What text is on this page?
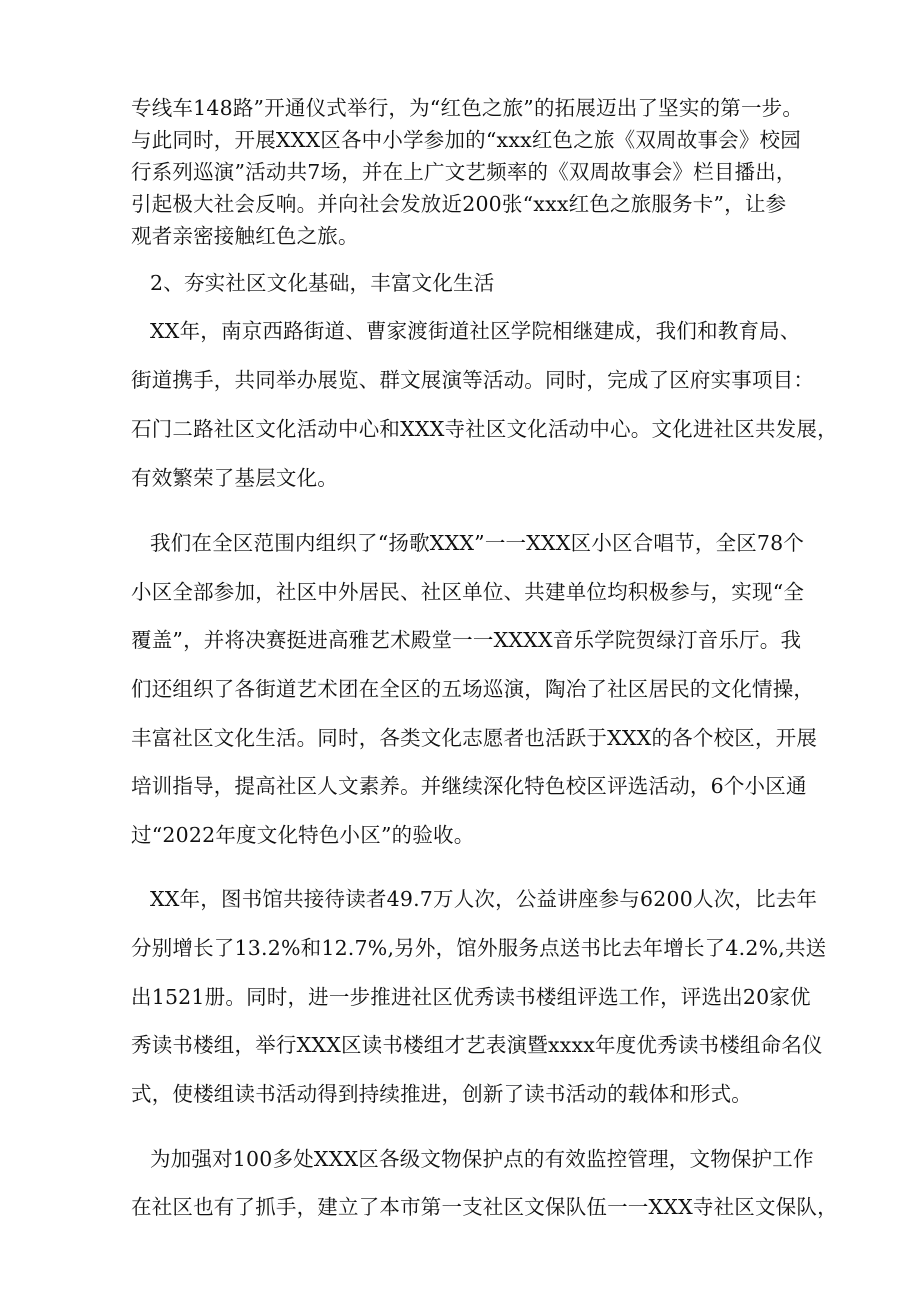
专线车148路”开通仪式举行，为“红色之旅”的拓展迈出了坚实的第一步。
与此同时，开展XXX区各中小学参加的“xxx红色之旅《双周故事会》校园
行系列巡演”活动共7场，并在上广文艺频率的《双周故事会》栏目播出，
引起极大社会反响。并向社会发放近200张“xxx红色之旅服务卡”，让参
观者亲密接触红色之旅。
2、夯实社区文化基础，丰富文化生活
XX年，南京西路街道、曹家渡街道社区学院相继建成，我们和教育局、
街道携手，共同举办展览、群文展演等活动。同时，完成了区府实事项目：
石门二路社区文化活动中心和XXX寺社区文化活动中心。文化进社区共发展，
有效繁荣了基层文化。
我们在全区范围内组织了“扬歌XXX”一一XXX区小区合唱节，全区78个
小区全部参加，社区中外居民、社区单位、共建单位均积极参与，实现“全
覆盖”，并将决赛挺进高雅艺术殿堂一一XXXX音乐学院贺绿汀音乐厅。我
们还组织了各街道艺术团在全区的五场巡演，陶冶了社区居民的文化情操，
丰富社区文化生活。同时，各类文化志愿者也活跃于XXX的各个校区，开展
培训指导，提高社区人文素养。并继续深化特色校区评选活动，6个小区通
过“2022年度文化特色小区”的验收。
XX年，图书馆共接待读者49.7万人次，公益讲座参与6200人次，比去年
分别增长了13.2%和12.7%,另外，馆外服务点送书比去年增长了4.2%,共送
出1521册。同时，进一步推进社区优秀读书楼组评选工作，评选出20家优
秀读书楼组，举行XXX区读书楼组才艺表演暨xxxx年度优秀读书楼组命名仪
式，使楼组读书活动得到持续推进，创新了读书活动的载体和形式。
为加强对100多处XXX区各级文物保护点的有效监控管理，文物保护工作
在社区也有了抓手，建立了本市第一支社区文保队伍一一XXX寺社区文保队，
